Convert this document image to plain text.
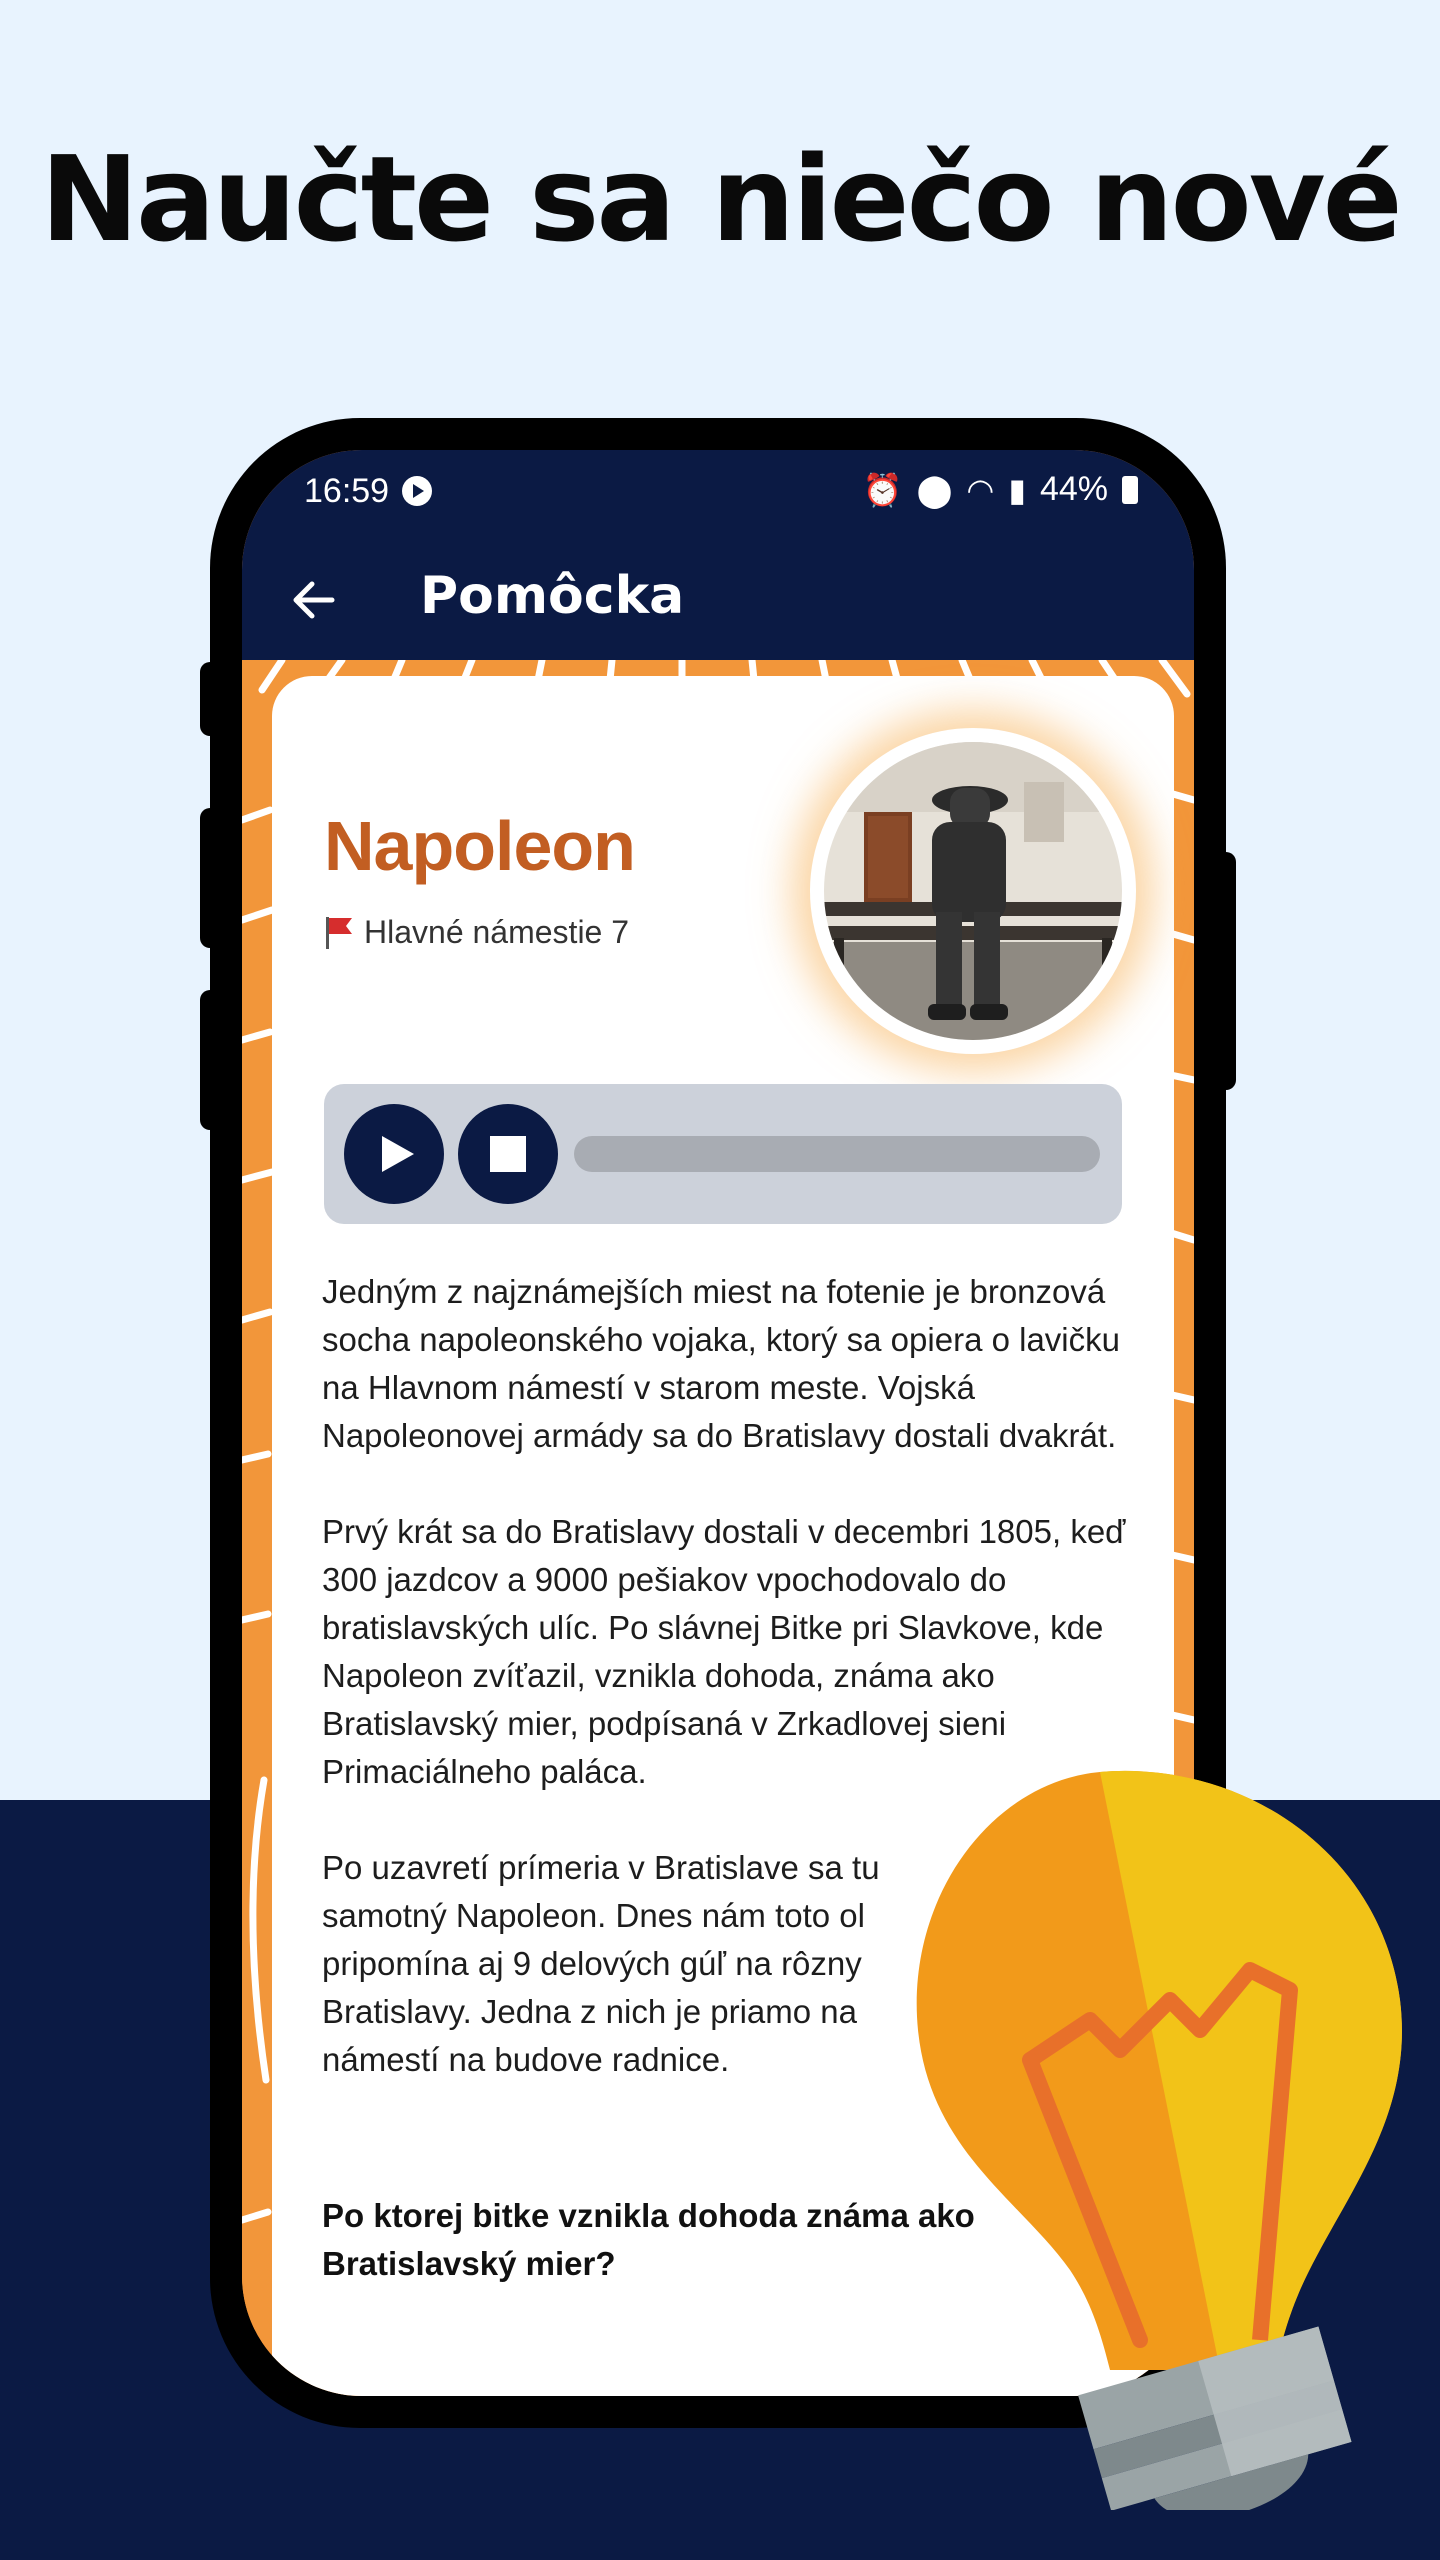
Naučte sa niečo nové
16:59	⏰ ⬤ ◠ ▮ 44%
Pomôcka
Napoleon
Hlavné námestie 7

Jedným z najznámejších miest na fotenie je bronzová socha napoleonského vojaka, ktorý sa opiera o lavičku na Hlavnom námestí v starom meste. Vojská Napoleonovej armády sa do Bratislavy dostali dvakrát.

Prvý krát sa do Bratislavy dostali v decembri 1805, keď 300 jazdcov a 9000 pešiakov vpochodovalo do bratislavských ulíc. Po slávnej Bitke pri Slavkove, kde Napoleon zvíťazil, vznikla dohoda, známa ako Bratislavský mier, podpísaná v Zrkadlovej sieni Primaciálneho paláca.

Po uzavretí prímeria v Bratislave sa tu samotný Napoleon. Dnes nám toto ol pripomína aj 9 delových gúľ na rôzny Bratislavy. Jedna z nich je priamo na námestí na budove radnice.

Po ktorej bitke vznikla dohoda známa ako Bratislavský mier?
